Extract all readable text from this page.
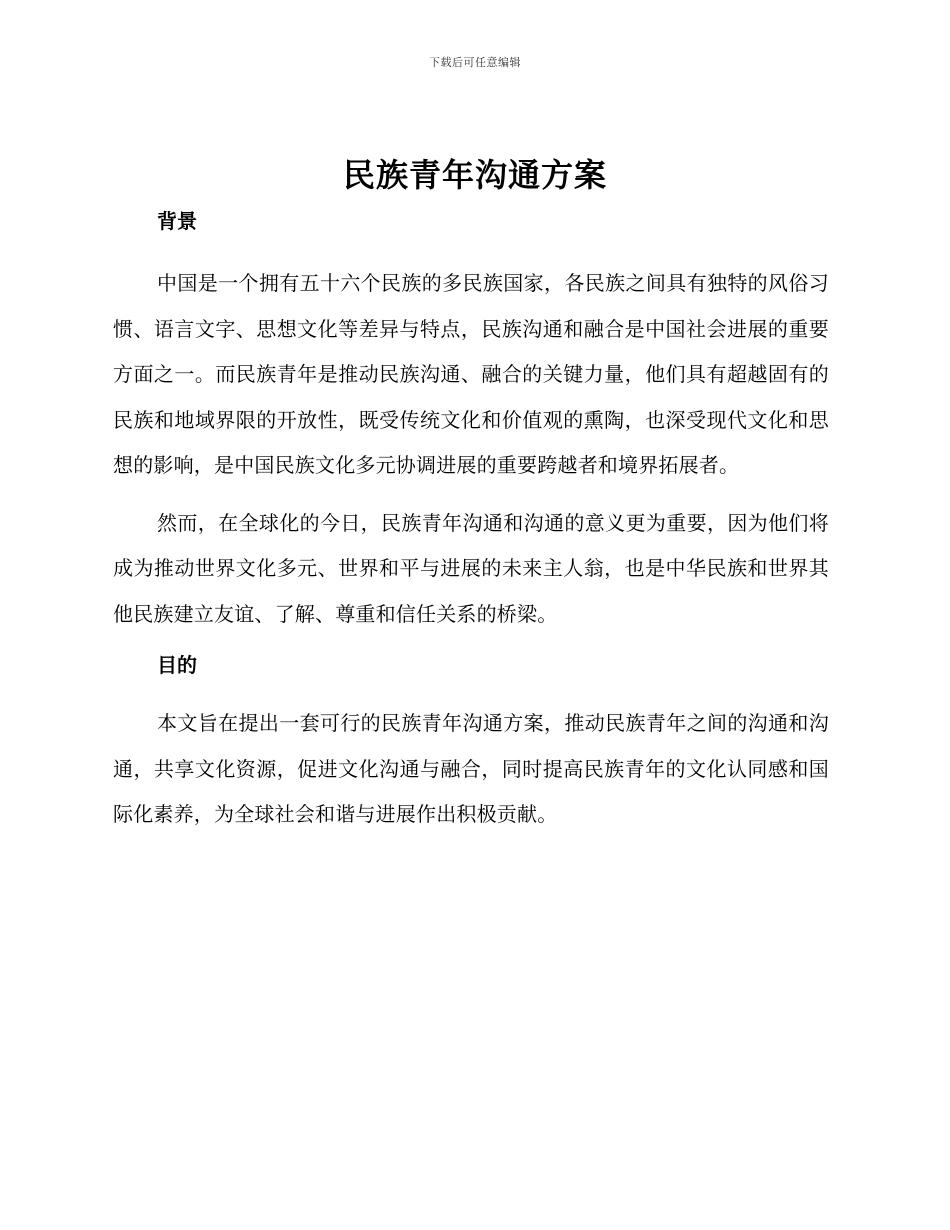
下载后可任意编辑
民族青年沟通方案
背景

中国是一个拥有五十六个民族的多民族国家，各民族之间具有独特的风俗习惯、语言文字、思想文化等差异与特点，民族沟通和融合是中国社会进展的重要方面之一。而民族青年是推动民族沟通、融合的关键力量，他们具有超越固有的民族和地域界限的开放性，既受传统文化和价值观的熏陶，也深受现代文化和思想的影响，是中国民族文化多元协调进展的重要跨越者和境界拓展者。

然而，在全球化的今日，民族青年沟通和沟通的意义更为重要，因为他们将成为推动世界文化多元、世界和平与进展的未来主人翁，也是中华民族和世界其他民族建立友谊、了解、尊重和信任关系的桥梁。

目的

本文旨在提出一套可行的民族青年沟通方案，推动民族青年之间的沟通和沟通，共享文化资源，促进文化沟通与融合，同时提高民族青年的文化认同感和国际化素养，为全球社会和谐与进展作出积极贡献。
